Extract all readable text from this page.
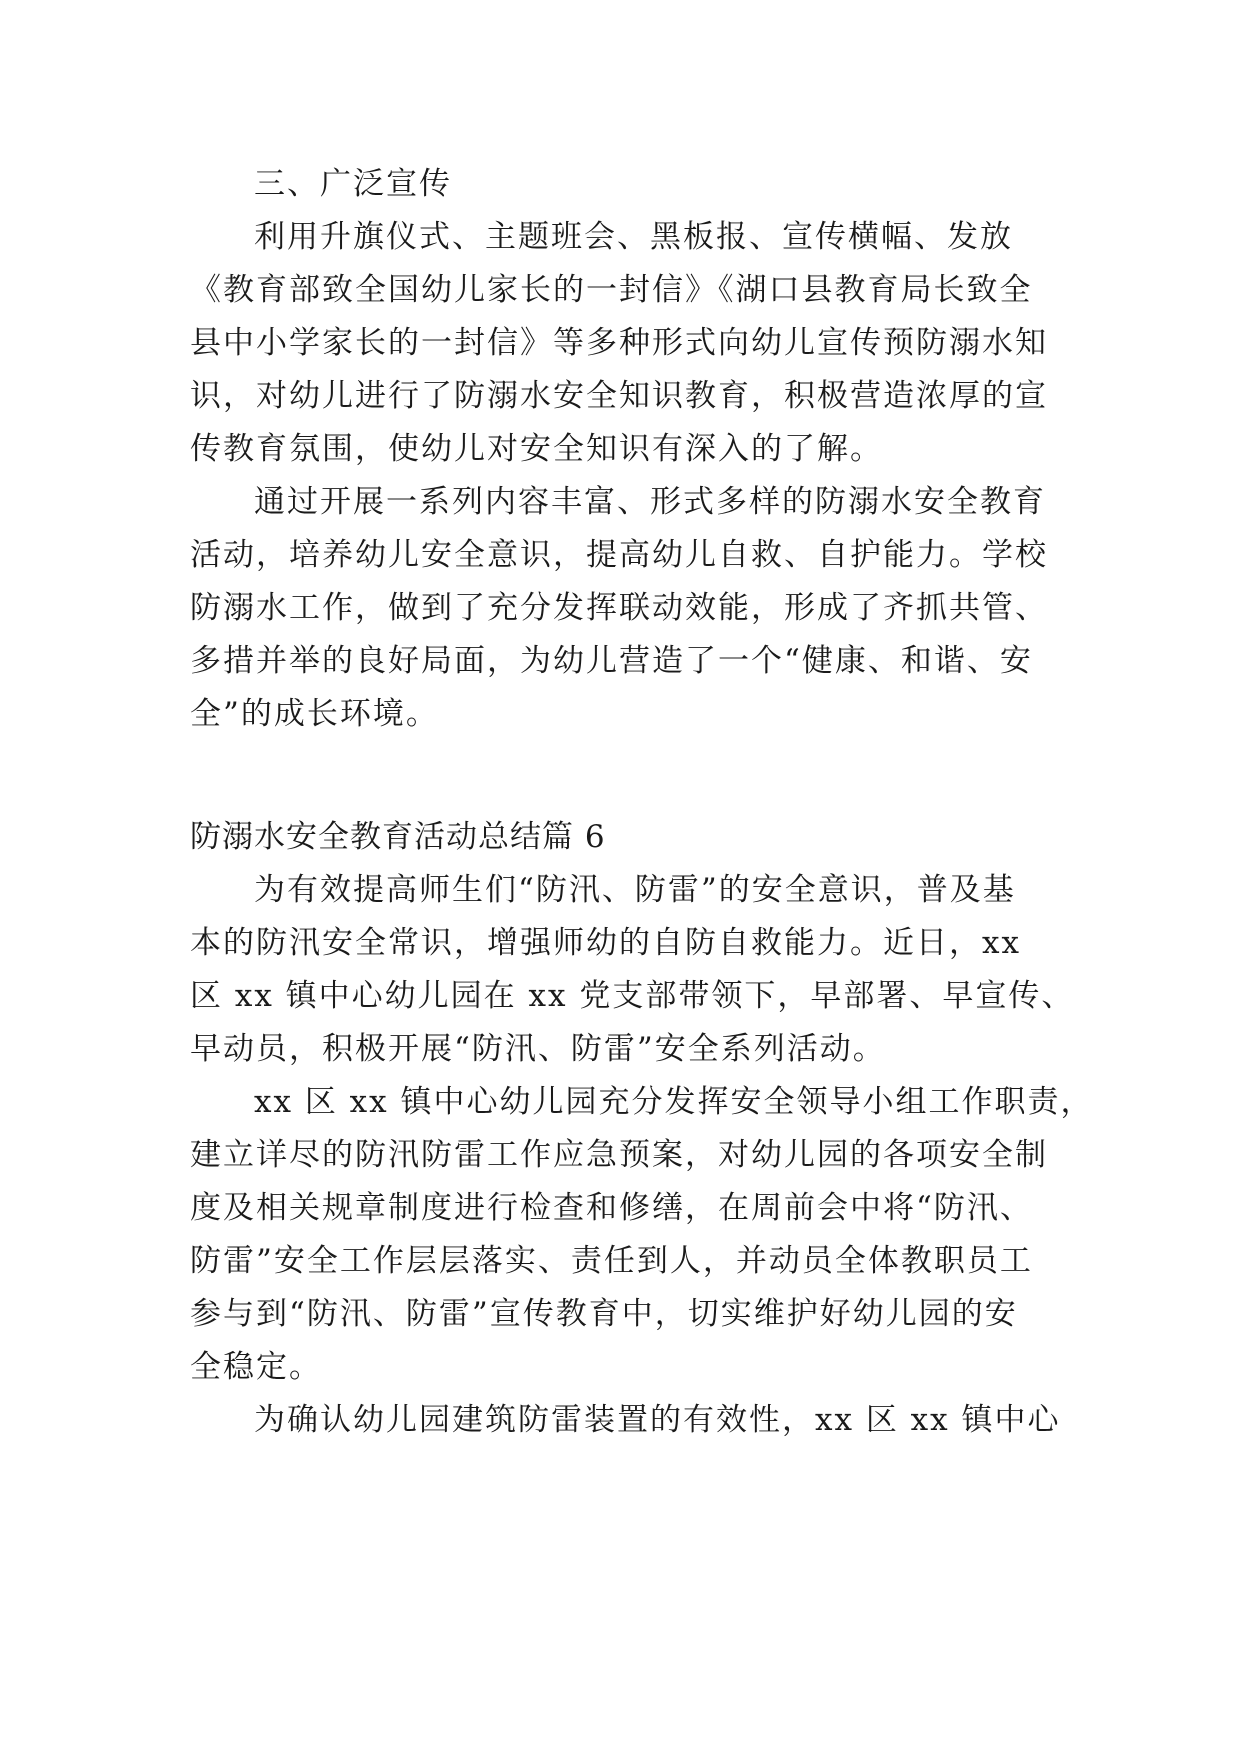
三、广泛宣传
利用升旗仪式、主题班会、黑板报、宣传横幅、发放
《教育部致全国幼儿家长的一封信》《湖口县教育局长致全
县中小学家长的一封信》等多种形式向幼儿宣传预防溺水知
识，对幼儿进行了防溺水安全知识教育，积极营造浓厚的宣
传教育氛围，使幼儿对安全知识有深入的了解。
通过开展一系列内容丰富、形式多样的防溺水安全教育
活动，培养幼儿安全意识，提高幼儿自救、自护能力。学校
防溺水工作，做到了充分发挥联动效能，形成了齐抓共管、
多措并举的良好局面，为幼儿营造了一个“健康、和谐、安
全”的成长环境。
防溺水安全教育活动总结篇 6
为有效提高师生们“防汛、防雷”的安全意识，普及基
本的防汛安全常识，增强师幼的自防自救能力。近日，xx
区 xx 镇中心幼儿园在 xx 党支部带领下，早部署、早宣传、
早动员，积极开展“防汛、防雷”安全系列活动。
xx 区 xx 镇中心幼儿园充分发挥安全领导小组工作职责，
建立详尽的防汛防雷工作应急预案，对幼儿园的各项安全制
度及相关规章制度进行检查和修缮，在周前会中将“防汛、
防雷”安全工作层层落实、责任到人，并动员全体教职员工
参与到“防汛、防雷”宣传教育中，切实维护好幼儿园的安
全稳定。
为确认幼儿园建筑防雷装置的有效性，xx 区 xx 镇中心
